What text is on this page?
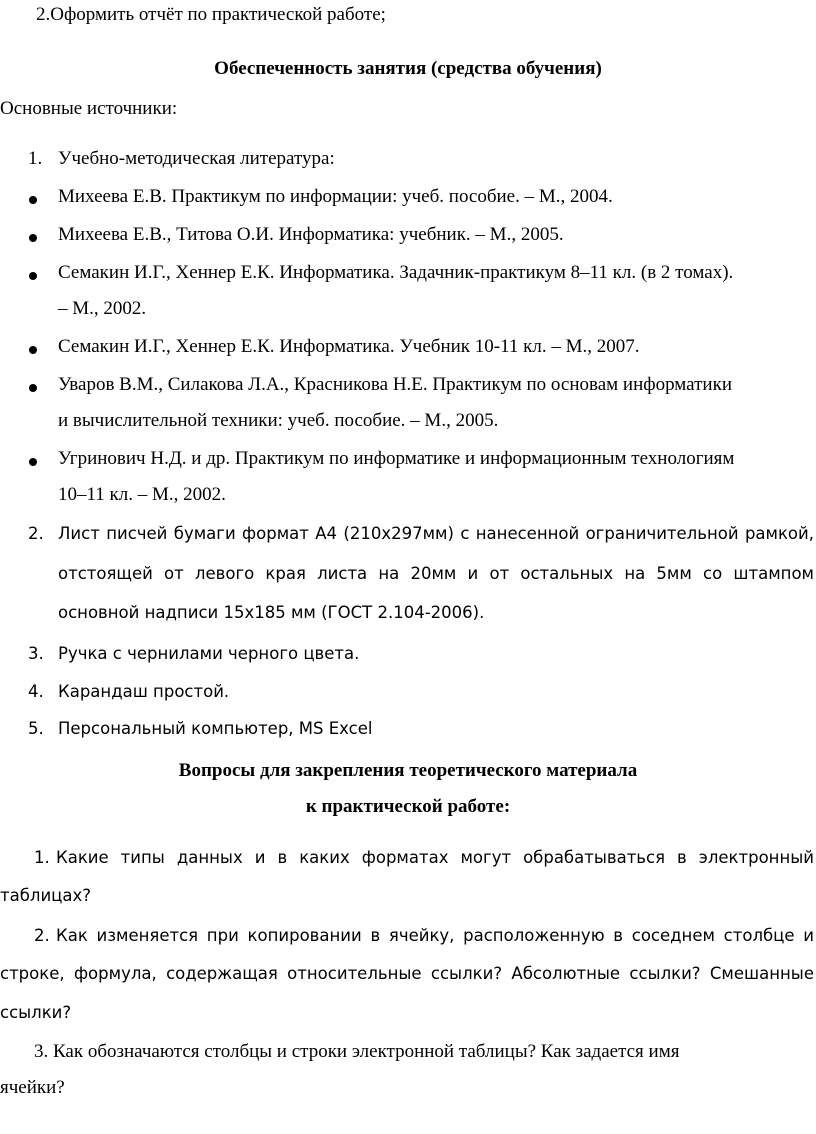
2.Оформить отчёт по практической работе;
Обеспеченность занятия (средства обучения)
Основные источники:
1. Учебно-методическая литература:
Михеева Е.В. Практикум по информации: учеб. пособие. – М., 2004.
Михеева Е.В., Титова О.И. Информатика: учебник. – М., 2005.
Семакин И.Г., Хеннер Е.К. Информатика. Задачник-практикум 8–11 кл. (в 2 томах).
– М., 2002.
Семакин И.Г., Хеннер Е.К. Информатика. Учебник 10-11 кл. – М., 2007.
Уваров В.М., Силакова Л.А., Красникова Н.Е. Практикум по основам информатики
и вычислительной техники: учеб. пособие. – М., 2005.
Угринович Н.Д. и др. Практикум по информатике и информационным технологиям
10–11 кл. – М., 2002.
2. Лист писчей бумаги формат А4 (210х297мм) с нанесенной ограничительной рамкой,
отстоящей от левого края листа на 20мм и от остальных на 5мм со штампом
основной надписи 15х185 мм (ГОСТ 2.104-2006).
3. Ручка с чернилами черного цвета.
4. Карандаш простой.
5. Персональный компьютер, MS Excel
Вопросы для закрепления теоретического материала
к практической работе:
1. Какие типы данных и в каких форматах могут обрабатываться в электронный
таблицах?
2. Как изменяется при копировании в ячейку, расположенную в соседнем столбце и
строке, формула, содержащая относительные ссылки? Абсолютные ссылки? Смешанные
ссылки?
3. Как обозначаются столбцы и строки электронной таблицы? Как задается имя
ячейки?
